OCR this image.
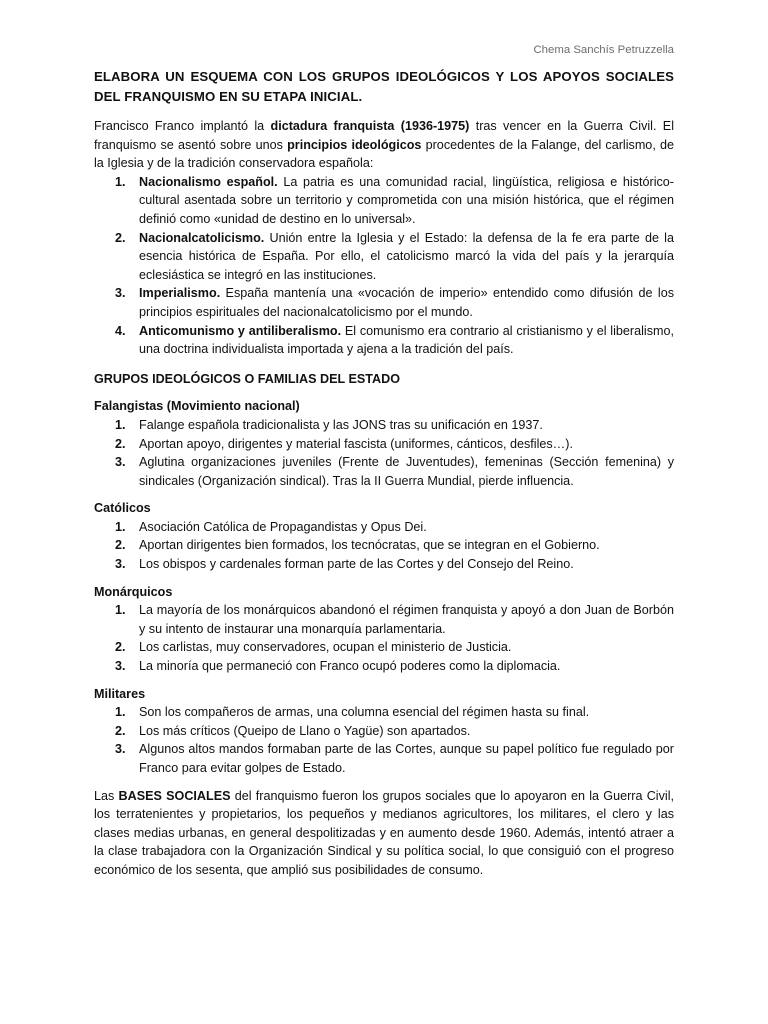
Chema Sanchís Petruzzella
ELABORA UN ESQUEMA CON LOS GRUPOS IDEOLÓGICOS Y LOS APOYOS SOCIALES DEL FRANQUISMO EN SU ETAPA INICIAL.

Francisco Franco implantó la dictadura franquista (1936-1975) tras vencer en la Guerra Civil. El franquismo se asentó sobre unos principios ideológicos procedentes de la Falange, del carlismo, de la Iglesia y de la tradición conservadora española:

1. Nacionalismo español. La patria es una comunidad racial, lingüística, religiosa e histórico-cultural asentada sobre un territorio y comprometida con una misión histórica, que el régimen definió como «unidad de destino en lo universal».
2. Nacionalcatolicismo. Unión entre la Iglesia y el Estado: la defensa de la fe era parte de la esencia histórica de España. Por ello, el catolicismo marcó la vida del país y la jerarquía eclesiástica se integró en las instituciones.
3. Imperialismo. España mantenía una «vocación de imperio» entendido como difusión de los principios espirituales del nacionalcatolicismo por el mundo.
4. Anticomunismo y antiliberalismo. El comunismo era contrario al cristianismo y el liberalismo, una doctrina individualista importada y ajena a la tradición del país.

GRUPOS IDEOLÓGICOS O FAMILIAS DEL ESTADO

Falangistas (Movimiento nacional)

1. Falange española tradicionalista y las JONS tras su unificación en 1937.
2. Aportan apoyo, dirigentes y material fascista (uniformes, cánticos, desfiles…).
3. Aglutina organizaciones juveniles (Frente de Juventudes), femeninas (Sección femenina) y sindicales (Organización sindical). Tras la II Guerra Mundial, pierde influencia.

Católicos

1. Asociación Católica de Propagandistas y Opus Dei.
2. Aportan dirigentes bien formados, los tecnócratas, que se integran en el Gobierno.
3. Los obispos y cardenales forman parte de las Cortes y del Consejo del Reino.

Monárquicos

1. La mayoría de los monárquicos abandonó el régimen franquista y apoyó a don Juan de Borbón y su intento de instaurar una monarquía parlamentaria.
2. Los carlistas, muy conservadores, ocupan el ministerio de Justicia.
3. La minoría que permaneció con Franco ocupó poderes como la diplomacia.

Militares

1. Son los compañeros de armas, una columna esencial del régimen hasta su final.
2. Los más críticos (Queipo de Llano o Yagüe) son apartados.
3. Algunos altos mandos formaban parte de las Cortes, aunque su papel político fue regulado por Franco para evitar golpes de Estado.

Las BASES SOCIALES del franquismo fueron los grupos sociales que lo apoyaron en la Guerra Civil, los terratenientes y propietarios, los pequeños y medianos agricultores, los militares, el clero y las clases medias urbanas, en general despolitizadas y en aumento desde 1960. Además, intentó atraer a la clase trabajadora con la Organización Sindical y su política social, lo que consiguió con el progreso económico de los sesenta, que amplió sus posibilidades de consumo.
